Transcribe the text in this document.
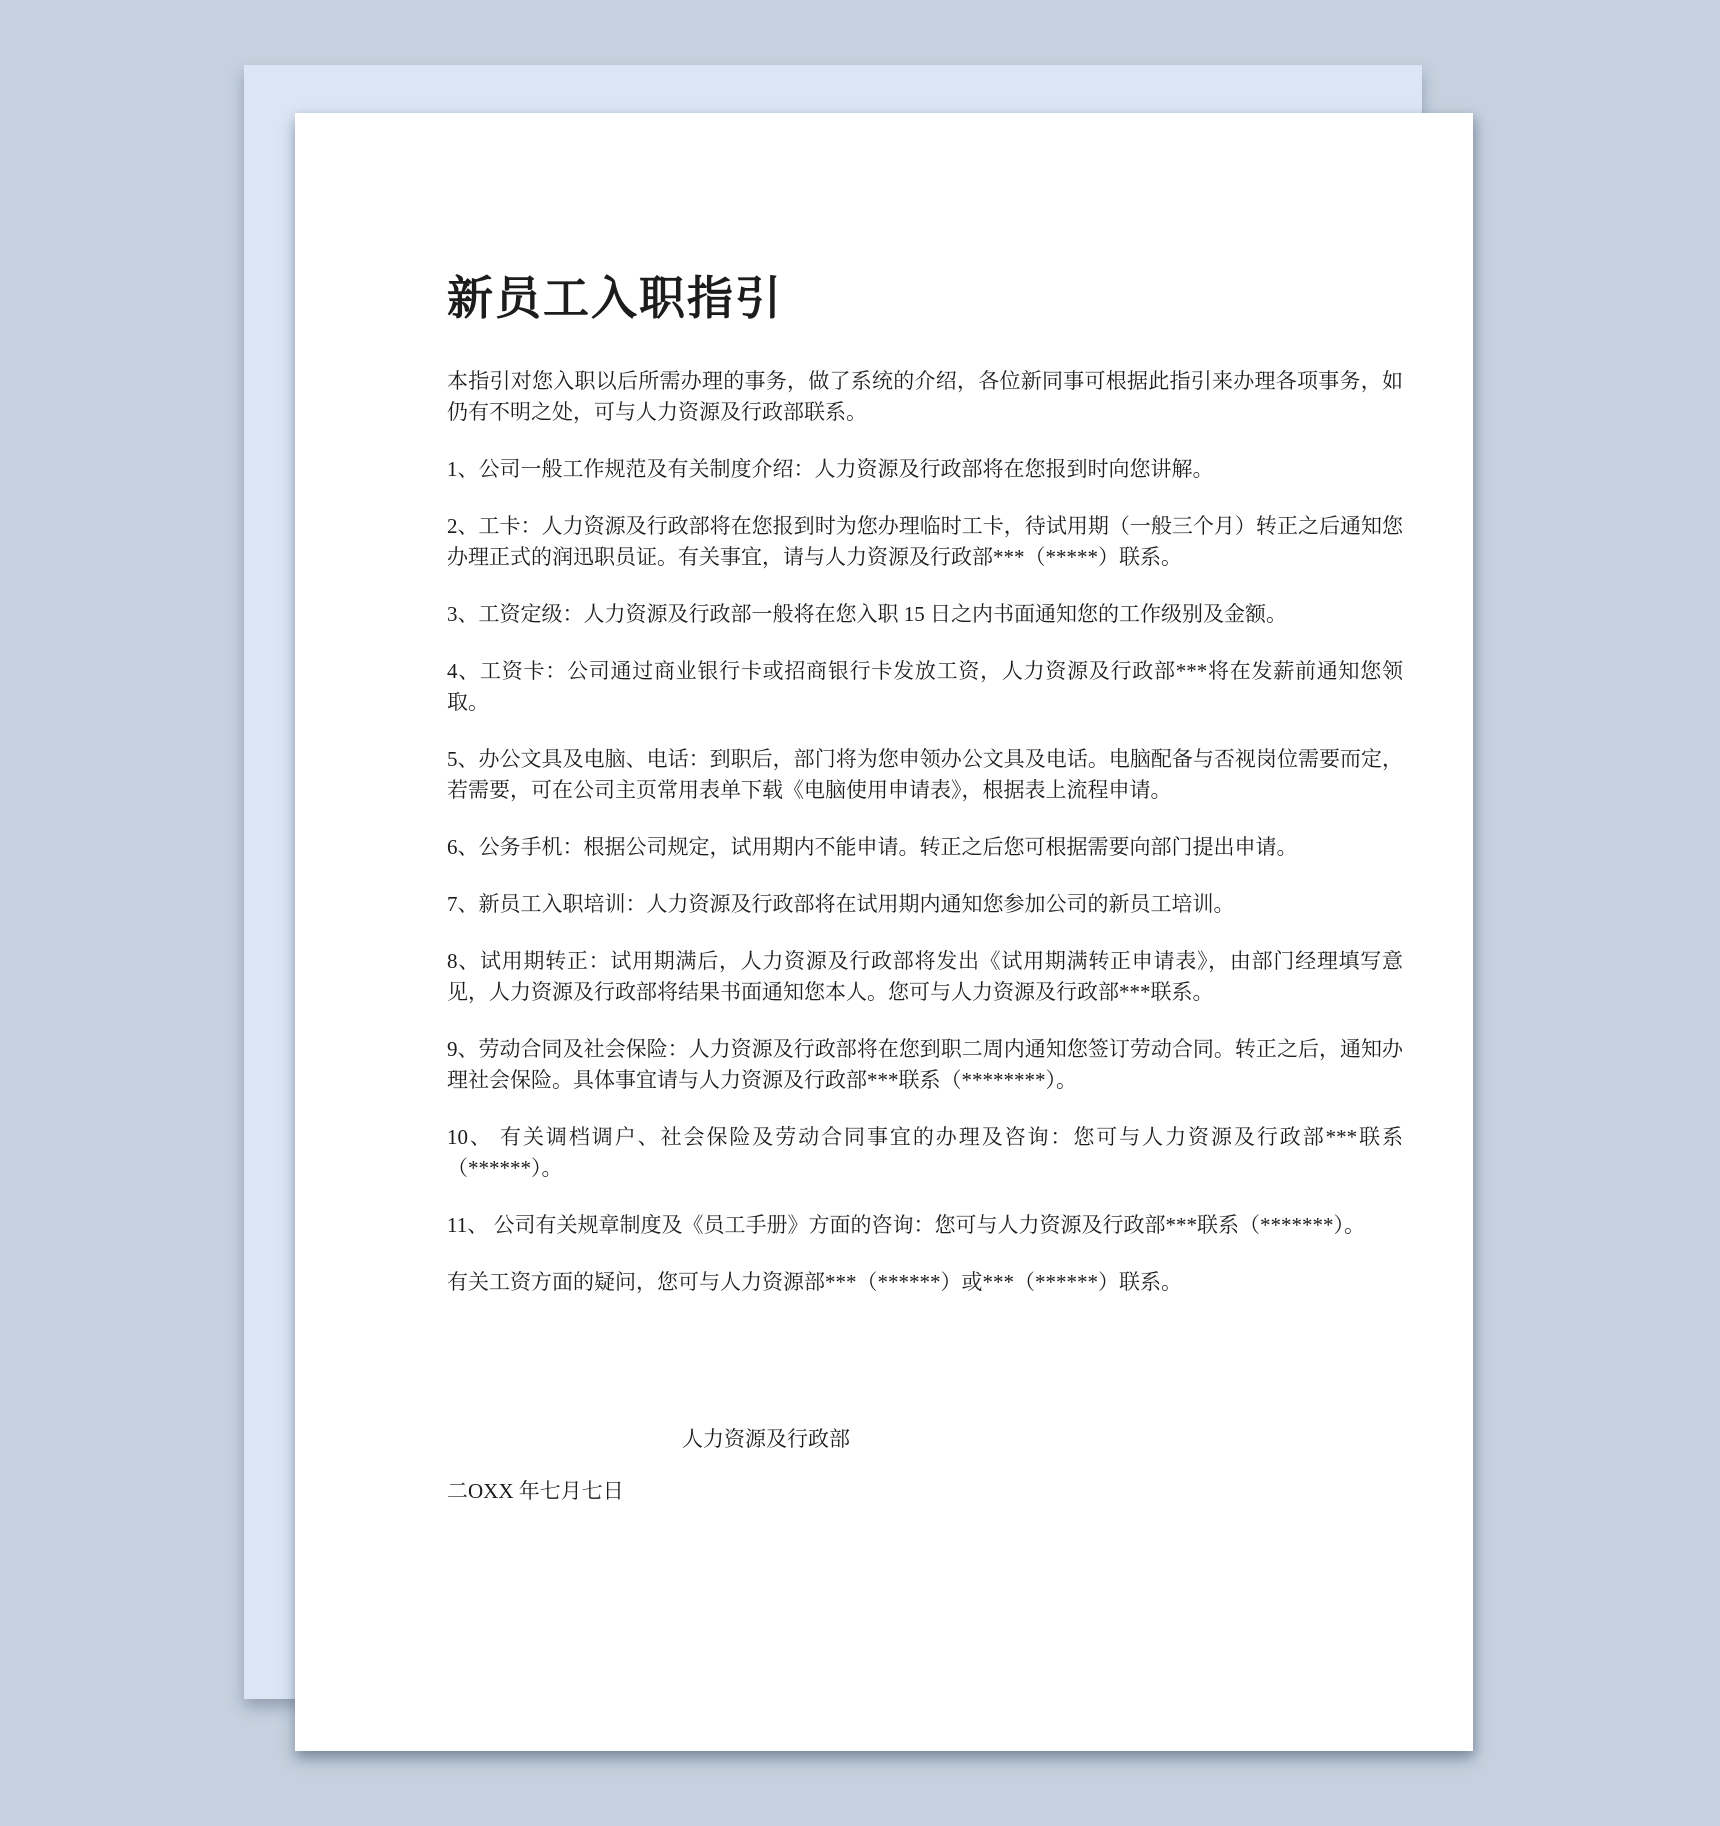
新员工入职指引

本指引对您入职以后所需办理的事务，做了系统的介绍，各位新同事可根据此指引来办理各项事务，如仍有不明之处，可与人力资源及行政部联系。

1、公司一般工作规范及有关制度介绍：人力资源及行政部将在您报到时向您讲解。

2、工卡：人力资源及行政部将在您报到时为您办理临时工卡，待试用期（一般三个月）转正之后通知您办理正式的润迅职员证。有关事宜，请与人力资源及行政部***（*****）联系。

3、工资定级：人力资源及行政部一般将在您入职 15 日之内书面通知您的工作级别及金额。

4、工资卡：公司通过商业银行卡或招商银行卡发放工资，人力资源及行政部***将在发薪前通知您领取。

5、办公文具及电脑、电话：到职后，部门将为您申领办公文具及电话。电脑配备与否视岗位需要而定，若需要，可在公司主页常用表单下载《电脑使用申请表》，根据表上流程申请。

6、公务手机：根据公司规定，试用期内不能申请。转正之后您可根据需要向部门提出申请。

7、新员工入职培训：人力资源及行政部将在试用期内通知您参加公司的新员工培训。

8、试用期转正：试用期满后，人力资源及行政部将发出《试用期满转正申请表》，由部门经理填写意见，人力资源及行政部将结果书面通知您本人。您可与人力资源及行政部***联系。

9、劳动合同及社会保险：人力资源及行政部将在您到职二周内通知您签订劳动合同。转正之后，通知办理社会保险。具体事宜请与人力资源及行政部***联系（********）。

10、 有关调档调户、社会保险及劳动合同事宜的办理及咨询：您可与人力资源及行政部***联系（******）。

11、 公司有关规章制度及《员工手册》方面的咨询：您可与人力资源及行政部***联系（*******）。

有关工资方面的疑问，您可与人力资源部***（******）或***（******）联系。

人力资源及行政部
二OXX 年七月七日
